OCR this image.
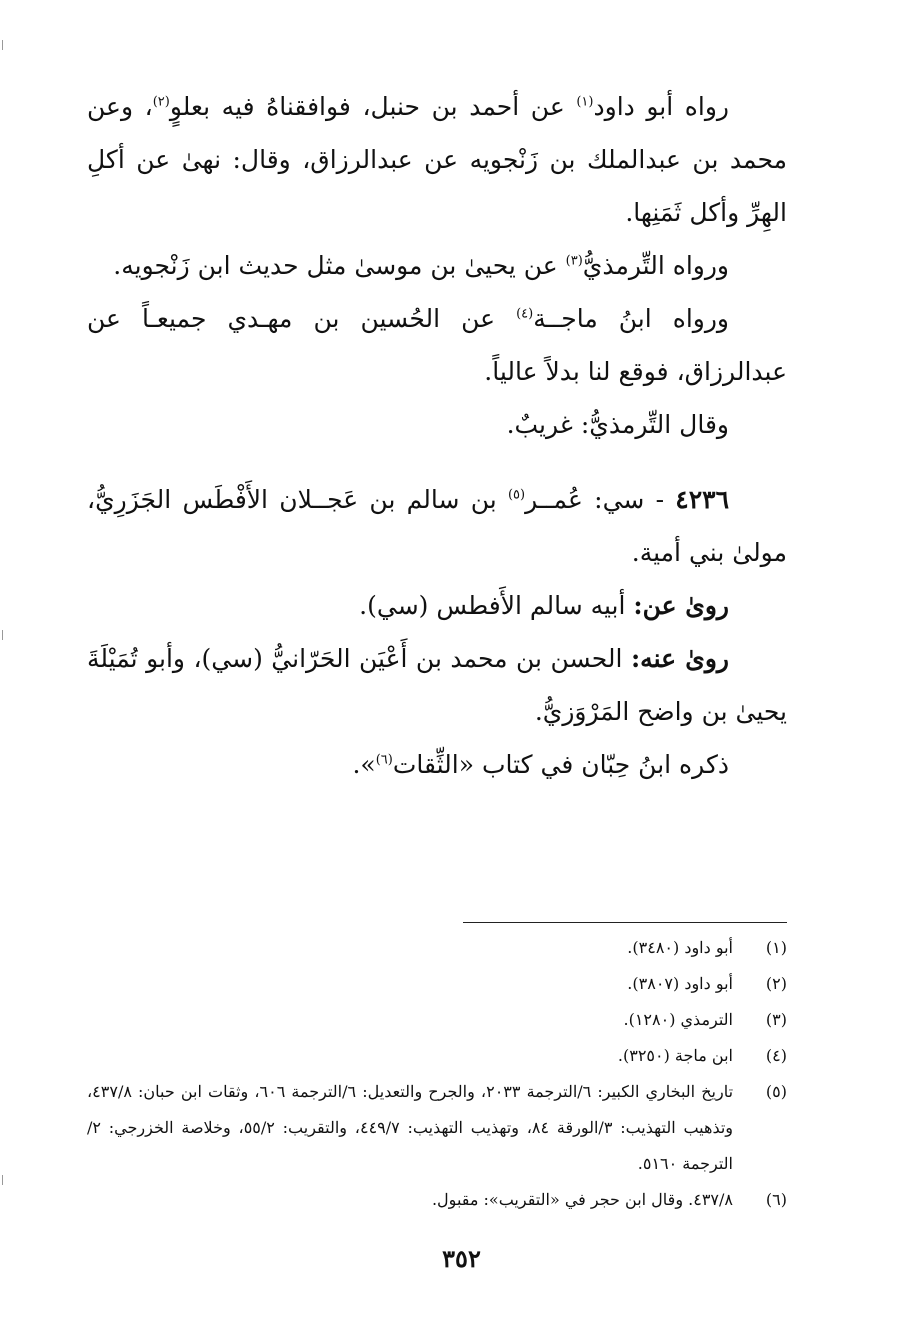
رواه أبو داود$^{(١)}$ عن أحمد بن حنبل، فوافقناهُ فيه بعلوٍ$^{(٢)}$، وعن محمد بن عبدالملك بن زَنْجويه عن عبدالرزاق، وقال: نهىٰ عن أكلِ الهِرِّ وأكل ثَمَنِها.

ورواه التِّرمذيُّ$^{(٣)}$ عن يحيىٰ بن موسىٰ مثل حديث ابن زَنْجويه.

ورواه ابنُ ماجــة$^{(٤)}$ عن الحُسين بن مهـدي جميعـاً عن عبدالرزاق، فوقع لنا بدلاً عالياً.

وقال التِّرمذيُّ: غريبٌ.

٤٢٣٦ - سي: عُمــر$^{(٥)}$ بن سالم بن عَجــلان الأَفْطَس الجَزَرِيُّ، مولىٰ بني أمية.

روىٰ عن: أبيه سالم الأَفطس (سي).

روىٰ عنه: الحسن بن محمد بن أَعْيَن الحَرّانيُّ (سي)، وأبو تُمَيْلَةَ يحيىٰ بن واضح المَرْوَزيُّ.

ذكره ابنُ حِبّان في كتاب «الثِّقات$^{(٦)}$».

(١)
أبو داود (٣٤٨٠).
(٢)
أبو داود (٣٨٠٧).
(٣)
الترمذي (١٢٨٠).
(٤)
ابن ماجة (٣٢٥٠).
(٥)
تاريخ البخاري الكبير: ٦/الترجمة ٢٠٣٣، والجرح والتعديل: ٦/الترجمة ٦٠٦، وثقات ابن حبان: ٤٣٧/٨، وتذهيب التهذيب: ٣/الورقة ٨٤، وتهذيب التهذيب: ٤٤٩/٧، والتقريب: ٥٥/٢، وخلاصة الخزرجي: ٢/الترجمة ٥١٦٠.
(٦)
٤٣٧/٨. وقال ابن حجر في «التقريب»: مقبول.
٣٥٢
